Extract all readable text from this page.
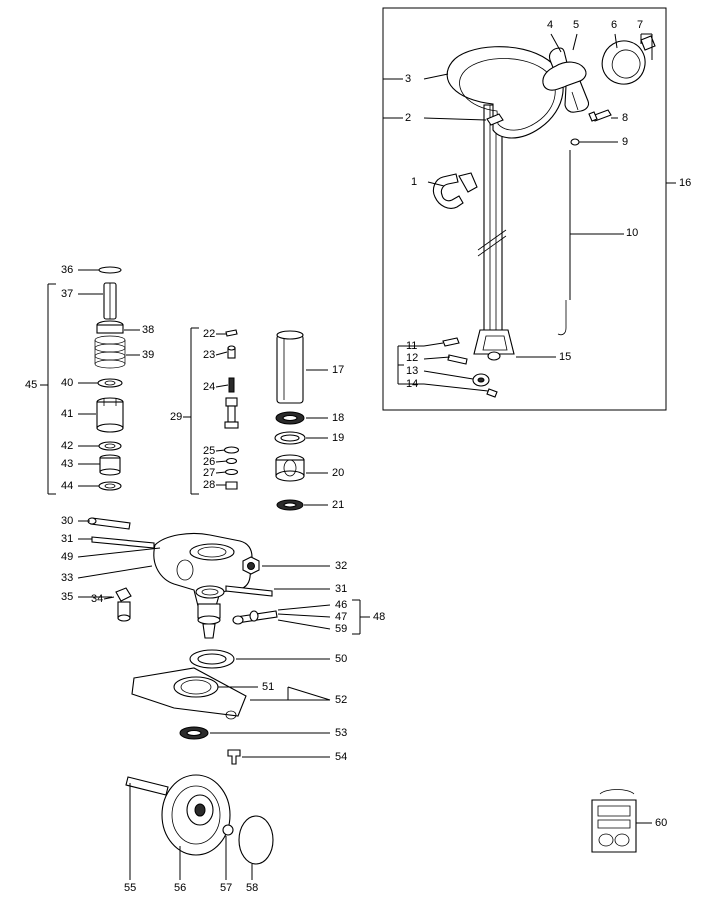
1
2
3
4 5	6 7
8
9
10
11
12
13
14
15
16
17
18
19
20
21
22
23
24
25
26
27
28
29
30
31
32
33
34
35
36
37
38
39
40
41
42
43
44
45
46
47 48
49
50
51
52
53
54
55	56	57 58
59
60
31
